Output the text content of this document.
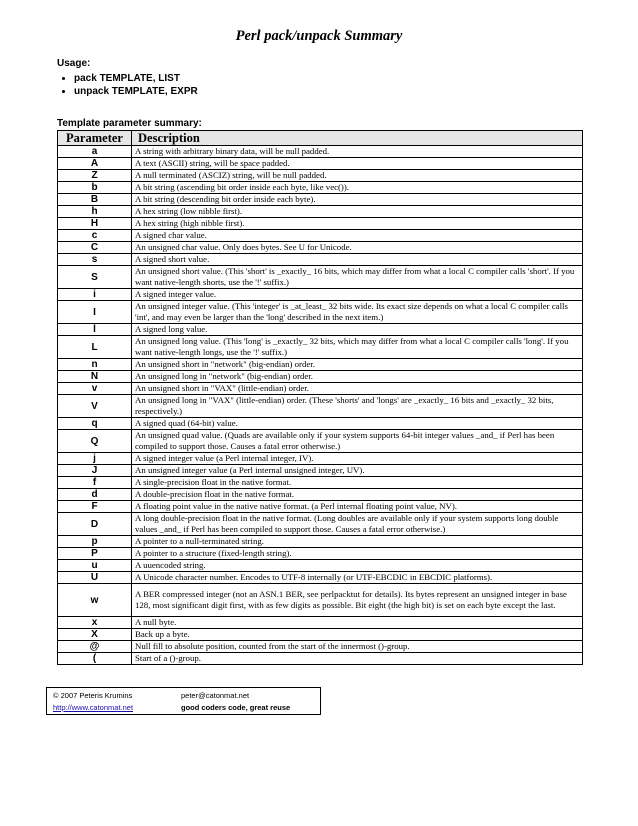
Perl pack/unpack Summary
Usage:
• pack TEMPLATE, LIST
• unpack TEMPLATE, EXPR
Template parameter summary:
Parameter	Description
a	A string with arbitrary binary data, will be null padded.
A	A text (ASCII) string, will be space padded.
Z	A null terminated (ASCIZ) string, will be null padded.
b	A bit string (ascending bit order inside each byte, like vec()).
B	A bit string (descending bit order inside each byte).
h	A hex string (low nibble first).
H	A hex string (high nibble first).
c	A signed char value.
C	An unsigned char value. Only does bytes. See U for Unicode.
s	A signed short value.
S	An unsigned short value. (This 'short' is _exactly_ 16 bits, which may differ from what a local C compiler calls 'short'. If you want native-length shorts, use the '!' suffix.)
i	A signed integer value.
I	An unsigned integer value. (This 'integer' is _at_least_ 32 bits wide. Its exact size depends on what a local C compiler calls 'int', and may even be larger than the 'long' described in the next item.)
l	A signed long value.
L	An unsigned long value. (This 'long' is _exactly_ 32 bits, which may differ from what a local C compiler calls 'long'. If you want native-length longs, use the '!' suffix.)
n	An unsigned short in "network" (big-endian) order.
N	An unsigned long in "network" (big-endian) order.
v	An unsigned short in "VAX" (little-endian) order.
V	An unsigned long in "VAX" (little-endian) order. (These 'shorts' and 'longs' are _exactly_ 16 bits and _exactly_ 32 bits, respectively.)
q	A signed quad (64-bit) value.
Q	An unsigned quad value. (Quads are available only if your system supports 64-bit integer values _and_ if Perl has been compiled to support those. Causes a fatal error otherwise.)
j	A signed integer value (a Perl internal integer, IV).
J	An unsigned integer value (a Perl internal unsigned integer, UV).
f	A single-precision float in the native format.
d	A double-precision float in the native format.
F	A floating point value in the native native format. (a Perl internal floating point value, NV).
D	A long double-precision float in the native format. (Long doubles are available only if your system supports long double values _and_ if Perl has been compiled to support those. Causes a fatal error otherwise.)
p	A pointer to a null-terminated string.
P	A pointer to a structure (fixed-length string).
u	A uuencoded string.
U	A Unicode character number. Encodes to UTF-8 internally (or UTF-EBCDIC in EBCDIC platforms).
w	A BER compressed integer (not an ASN.1 BER, see perlpacktut for details). Its bytes represent an unsigned integer in base 128, most significant digit first, with as few digits as possible. Bit eight (the high bit) is set on each byte except the last.
x	A null byte.
X	Back up a byte.
@	Null fill to absolute position, counted from the start of the innermost ()-group.
(	Start of a ()-group.
© 2007 Peteris Krumins	peter@catonmat.net
http://www.catonmat.net	good coders code, great reuse
